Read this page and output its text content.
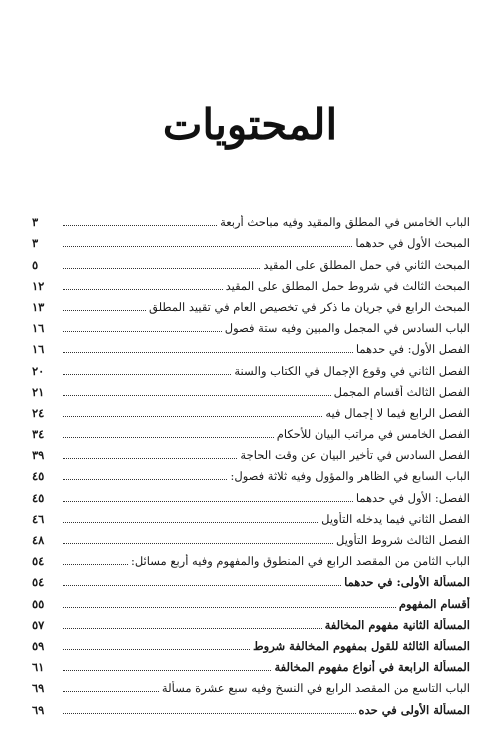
المحتويات
الباب الخامس في المطلق والمقيد وفيه مباحث أربعة
٣
المبحث الأول في حدهما
٣
المبحث الثاني في حمل المطلق على المقيد
٥
المبحث الثالث في شروط حمل المطلق على المقيد
١٢
المبحث الرابع في جريان ما ذكر في تخصيص العام في تقييد المطلق
١٣
الباب السادس في المجمل والمبين وفيه ستة فصول
١٦
الفصل الأول: في حدهما
١٦
الفصل الثاني في وقوع الإجمال في الكتاب والسنة
٢٠
الفصل الثالث أقسام المجمل
٢١
الفصل الرابع فيما لا إجمال فيه
٢٤
الفصل الخامس في مراتب البيان للأحكام
٣٤
الفصل السادس في تأخير البيان عن وقت الحاجة
٣٩
الباب السابع في الظاهر والمؤول وفيه ثلاثة فصول:
٤٥
الفصل: الأول في حدهما
٤٥
الفصل الثاني فيما يدخله التأويل
٤٦
الفصل الثالث شروط التأويل
٤٨
الباب الثامن من المقصد الرابع في المنطوق والمفهوم وفيه أربع مسائل:
٥٤
المسألة الأولى: في حدهما
٥٤
أقسام المفهوم
٥٥
المسألة الثانية مفهوم المخالفة
٥٧
المسألة الثالثة للقول بمفهوم المخالفة شروط
٥٩
المسألة الرابعة في أنواع مفهوم المخالفة
٦١
الباب التاسع من المقصد الرابع في النسخ وفيه سبع عشرة مسألة
٦٩
المسألة الأولى في حده
٦٩
